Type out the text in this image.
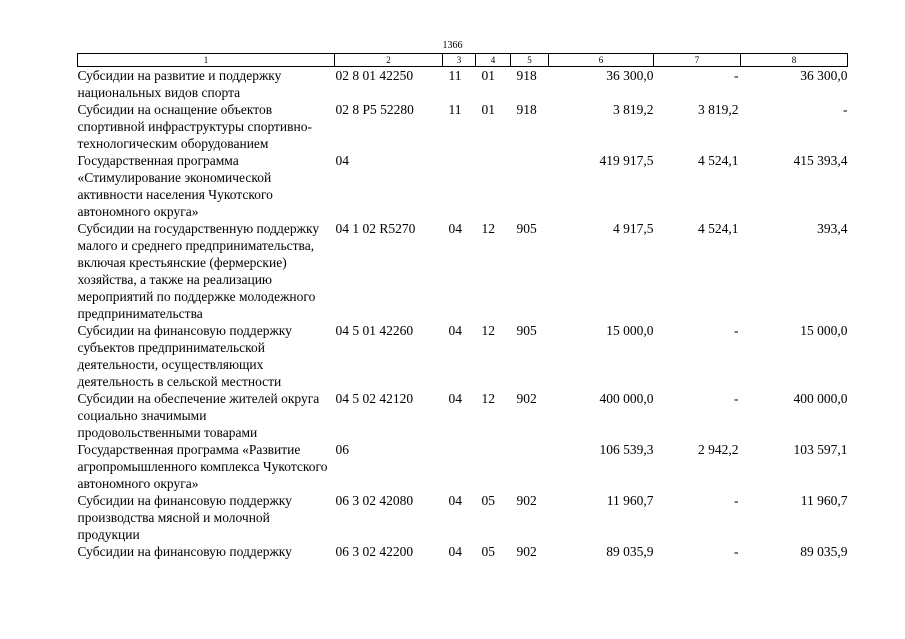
1366
1	2	3	4	5	6	7	8
Субсидии на развитие и поддержку национальных видов спорта	02 8 01 42250	11	01	918	36 300,0	-	36 300,0
Субсидии на оснащение объектов спортивной инфраструктуры спортивно-технологическим оборудованием	02 8 P5 52280	11	01	918	3 819,2	3 819,2	-
Государственная программа «Стимулирование экономической активности населения Чукотского автономного округа»	04				419 917,5	4 524,1	415 393,4
Субсидии на государственную поддержку малого и среднего предпринимательства, включая крестьянские (фермерские) хозяйства, а также на реализацию мероприятий по поддержке молодежного предпринимательства	04 1 02 R5270	04	12	905	4 917,5	4 524,1	393,4
Субсидии на финансовую поддержку субъектов предпринимательской деятельности, осуществляющих деятельность в сельской местности	04 5 01 42260	04	12	905	15 000,0	-	15 000,0
Субсидии на обеспечение жителей округа социально значимыми продовольственными товарами	04 5 02 42120	04	12	902	400 000,0	-	400 000,0
Государственная программа «Развитие агропромышленного комплекса Чукотского автономного округа»	06				106 539,3	2 942,2	103 597,1
Субсидии на финансовую поддержку производства мясной и молочной продукции	06 3 02 42080	04	05	902	11 960,7	-	11 960,7
Субсидии на финансовую поддержку	06 3 02 42200	04	05	902	89 035,9	-	89 035,9
